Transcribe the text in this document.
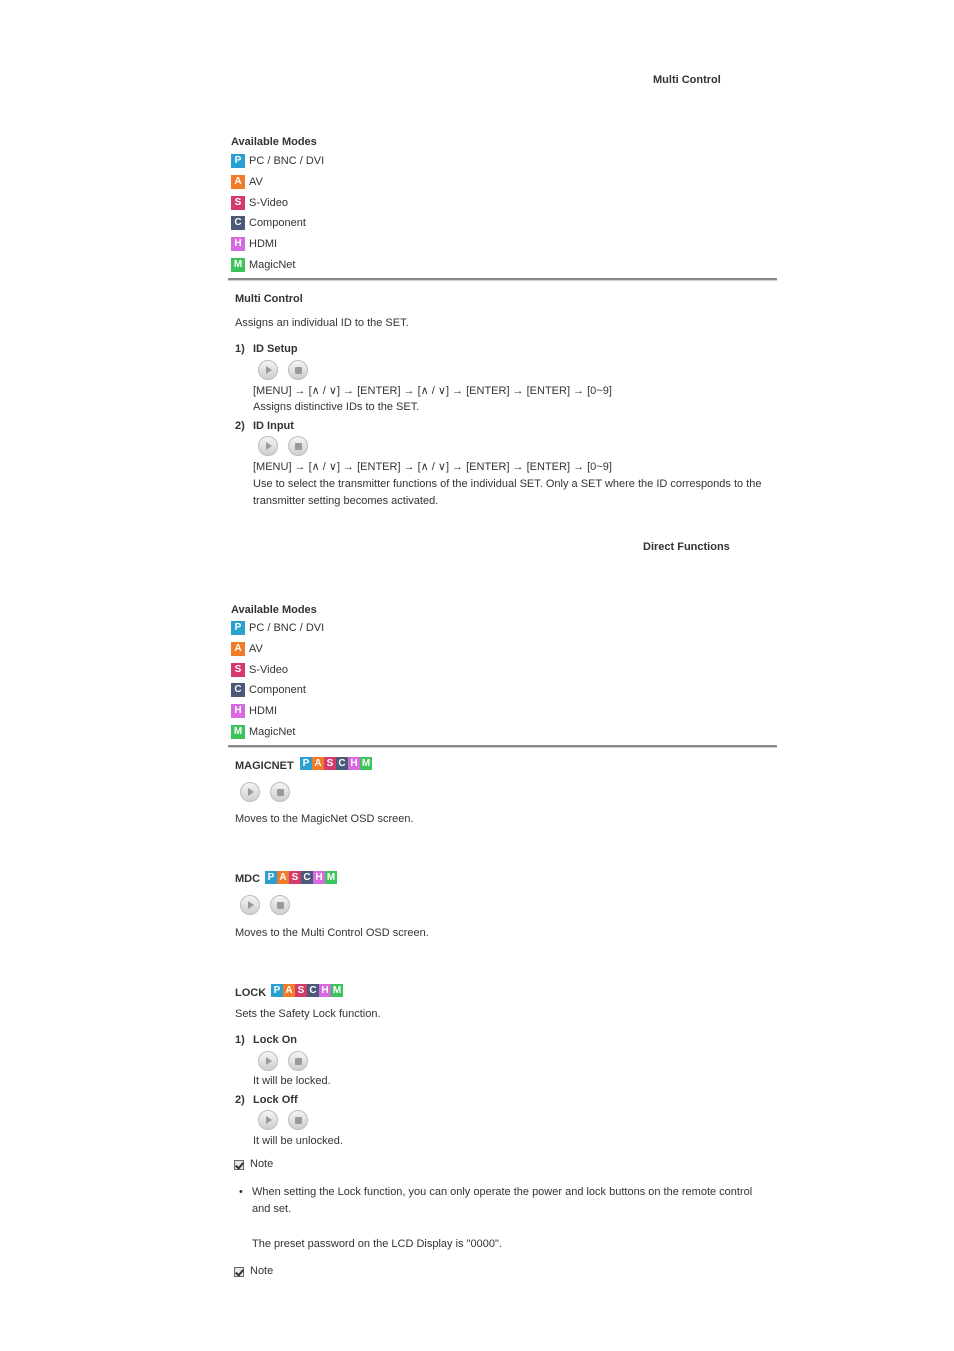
Multi Control
Available Modes
P PC / BNC / DVI
A AV
S S-Video
C Component
H HDMI
M MagicNet
Multi Control
Assigns an individual ID to the SET.
1) ID Setup
[MENU] → [∧ / ∨] → [ENTER] → [∧ / ∨] → [ENTER] → [ENTER] → [0~9]
Assigns distinctive IDs to the SET.
2) ID Input
[MENU] → [∧ / ∨] → [ENTER] → [∧ / ∨] → [ENTER] → [ENTER] → [0~9]
Use to select the transmitter functions of the individual SET. Only a SET where the ID corresponds to the
transmitter setting becomes activated.
Direct Functions
Available Modes
P PC / BNC / DVI
A AV
S S-Video
C Component
H HDMI
M MagicNet
MAGICNET P A S C H M
Moves to the MagicNet OSD screen.
MDC P A S C H M
Moves to the Multi Control OSD screen.
LOCK P A S C H M
Sets the Safety Lock function.
1) Lock On
It will be locked.
2) Lock Off
It will be unlocked.
Note
• When setting the Lock function, you can only operate the power and lock buttons on the remote control
and set.
The preset password on the LCD Display is "0000".
Note
